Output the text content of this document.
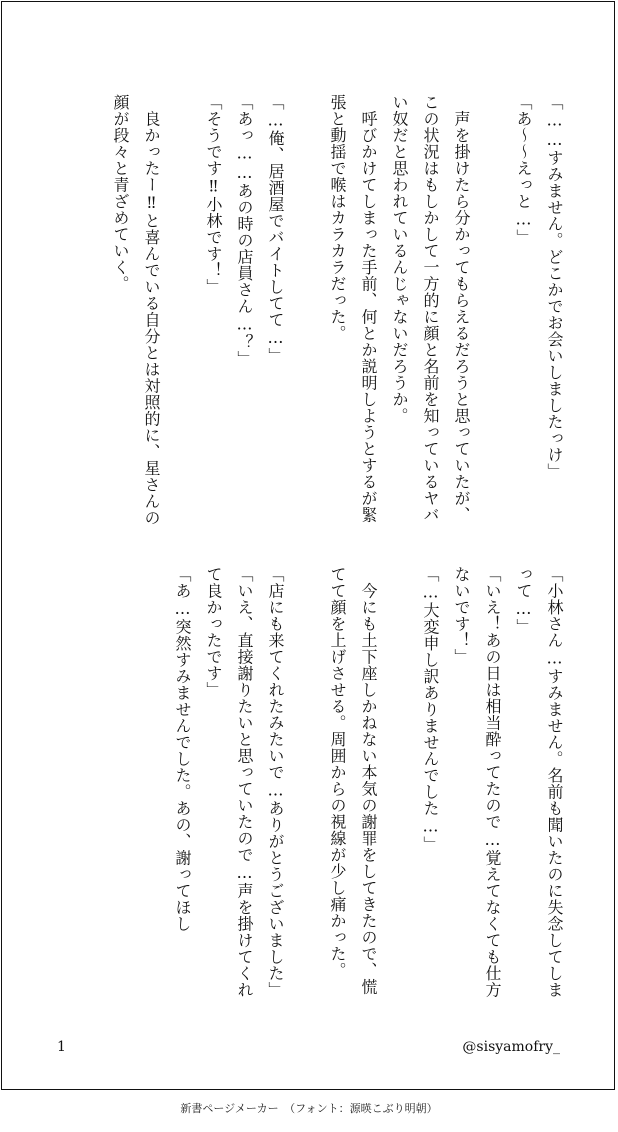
「……すみません。どこかでお会いしましたっけ」
「あ〜〜えっと…」

　声を掛けたら分かってもらえるだろうと思っていたが、この状況はもしかして一方的に顔と名前を知っているヤバい奴だと思われているんじゃないだろうか。
　呼びかけてしまった手前、何とか説明しようとするが緊張と動揺で喉はカラカラだった。

「…俺、居酒屋でバイトしてて…」
「あっ……あの時の店員さん…？」
「そうです‼小林です！」

　良かったー‼と喜んでいる自分とは対照的に、星さんの顔が段々と青ざめていく。
「小林さん…すみません。名前も聞いたのに失念してしまって…」
「いえ！あの日は相当酔ってたので…覚えてなくても仕方ないです！」
「…大変申し訳ありませんでした…」

　今にも土下座しかねない本気の謝罪をしてきたので、慌てて顔を上げさせる。周囲からの視線が少し痛かった。

「店にも来てくれたみたいで…ありがとうございました」
「いえ、直接謝りたいと思っていたので…声を掛けてくれて良かったです」
「あ…突然すみませんでした。あの、謝ってほし
1	@sisyamofry_
新書ページメーカー　（フォント：源暎こぶり明朝）
